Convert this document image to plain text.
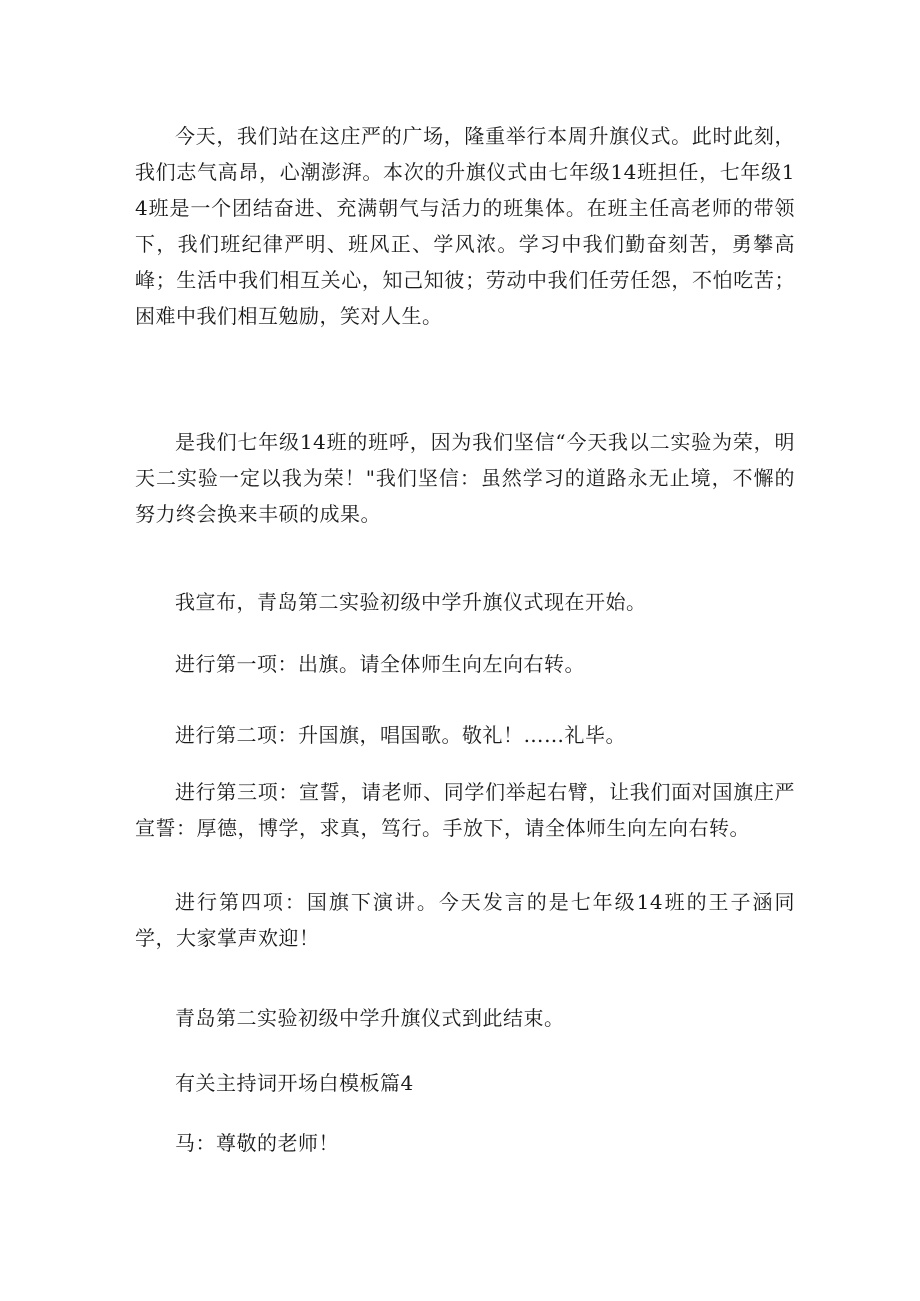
今天，我们站在这庄严的广场，隆重举行本周升旗仪式。此时此刻，我们志气高昂，心潮澎湃。本次的升旗仪式由七年级14班担任，七年级14班是一个团结奋进、充满朝气与活力的班集体。在班主任高老师的带领下，我们班纪律严明、班风正、学风浓。学习中我们勤奋刻苦，勇攀高峰；生活中我们相互关心，知己知彼；劳动中我们任劳任怨，不怕吃苦；困难中我们相互勉励，笑对人生。

是我们七年级14班的班呼，因为我们坚信“今天我以二实验为荣，明天二实验一定以我为荣！"我们坚信：虽然学习的道路永无止境，不懈的努力终会换来丰硕的成果。

我宣布，青岛第二实验初级中学升旗仪式现在开始。

进行第一项：出旗。请全体师生向左向右转。

进行第二项：升国旗，唱国歌。敬礼！……礼毕。

进行第三项：宣誓，请老师、同学们举起右臂，让我们面对国旗庄严宣誓：厚德，博学，求真，笃行。手放下，请全体师生向左向右转。

进行第四项：国旗下演讲。今天发言的是七年级14班的王子涵同学，大家掌声欢迎！

青岛第二实验初级中学升旗仪式到此结束。

有关主持词开场白模板篇4

马：尊敬的老师！
